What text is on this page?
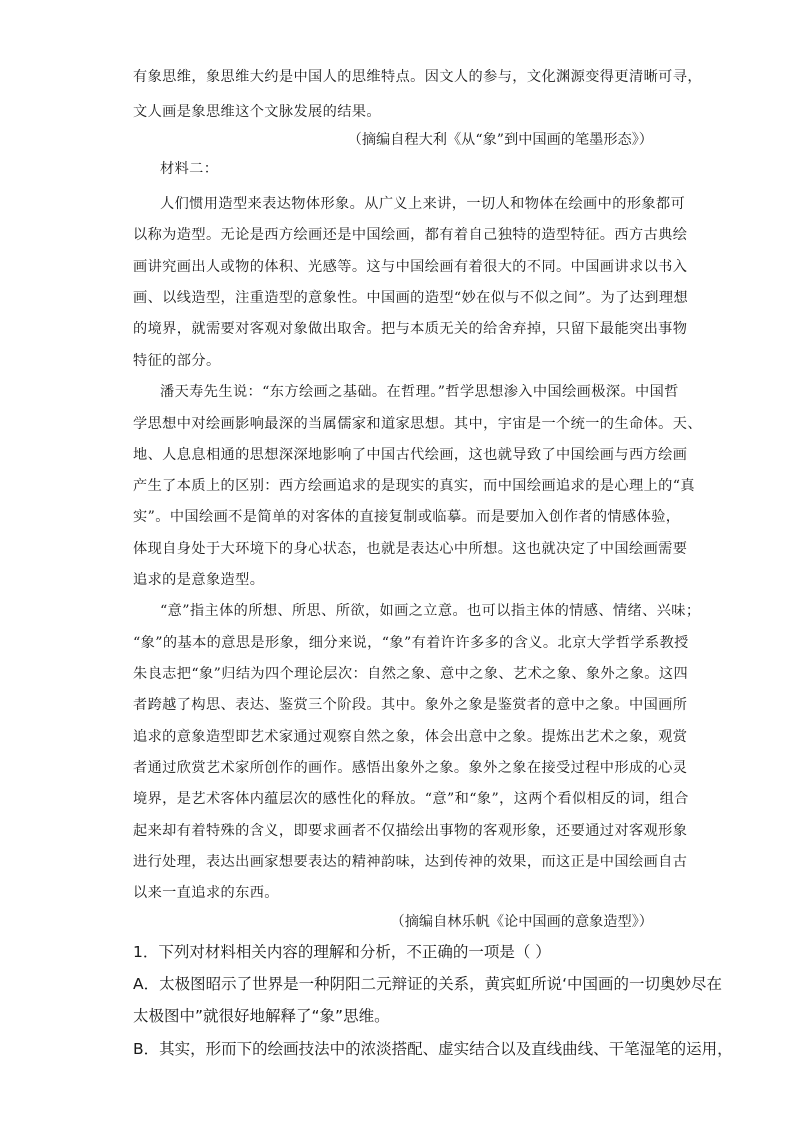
有象思维，象思维大约是中国人的思维特点。因文人的参与，文化渊源变得更清晰可寻，
文人画是象思维这个文脉发展的结果。
（摘编自程大利《从“象”到中国画的笔墨形态》）
材料二：
人们惯用造型来表达物体形象。从广义上来讲，一切人和物体在绘画中的形象都可
以称为造型。无论是西方绘画还是中国绘画，都有着自己独特的造型特征。西方古典绘
画讲究画出人或物的体积、光感等。这与中国绘画有着很大的不同。中国画讲求以书入
画、以线造型，注重造型的意象性。中国画的造型“妙在似与不似之间”。为了达到理想
的境界，就需要对客观对象做出取舍。把与本质无关的给舍弃掉，只留下最能突出事物
特征的部分。
潘天寿先生说：“东方绘画之基础。在哲理。”哲学思想渗入中国绘画极深。中国哲
学思想中对绘画影响最深的当属儒家和道家思想。其中，宇宙是一个统一的生命体。天、
地、人息息相通的思想深深地影响了中国古代绘画，这也就导致了中国绘画与西方绘画
产生了本质上的区别：西方绘画追求的是现实的真实，而中国绘画追求的是心理上的“真
实”。中国绘画不是简单的对客体的直接复制或临摹。而是要加入创作者的情感体验，
体现自身处于大环境下的身心状态，也就是表达心中所想。这也就决定了中国绘画需要
追求的是意象造型。
“意”指主体的所想、所思、所欲，如画之立意。也可以指主体的情感、情绪、兴味；
“象”的基本的意思是形象，细分来说，“象”有着许许多多的含义。北京大学哲学系教授
朱良志把“象”归结为四个理论层次：自然之象、意中之象、艺术之象、象外之象。这四
者跨越了构思、表达、鉴赏三个阶段。其中。象外之象是鉴赏者的意中之象。中国画所
追求的意象造型即艺术家通过观察自然之象，体会出意中之象。提炼出艺术之象，观赏
者通过欣赏艺术家所创作的画作。感悟出象外之象。象外之象在接受过程中形成的心灵
境界，是艺术客体内蕴层次的感性化的释放。“意”和“象”，这两个看似相反的词，组合
起来却有着特殊的含义，即要求画者不仅描绘出事物的客观形象，还要通过对客观形象
进行处理，表达出画家想要表达的精神韵味，达到传神的效果，而这正是中国绘画自古
以来一直追求的东西。
（摘编自林乐帆《论中国画的意象造型》）
1．下列对材料相关内容的理解和分析，不正确的一项是（ ）
A．太极图昭示了世界是一种阴阳二元辩证的关系，黄宾虹所说‘中国画的一切奥妙尽在
太极图中”就很好地解释了“象”思维。
B．其实，形而下的绘画技法中的浓淡搭配、虚实结合以及直线曲线、干笔湿笔的运用，
